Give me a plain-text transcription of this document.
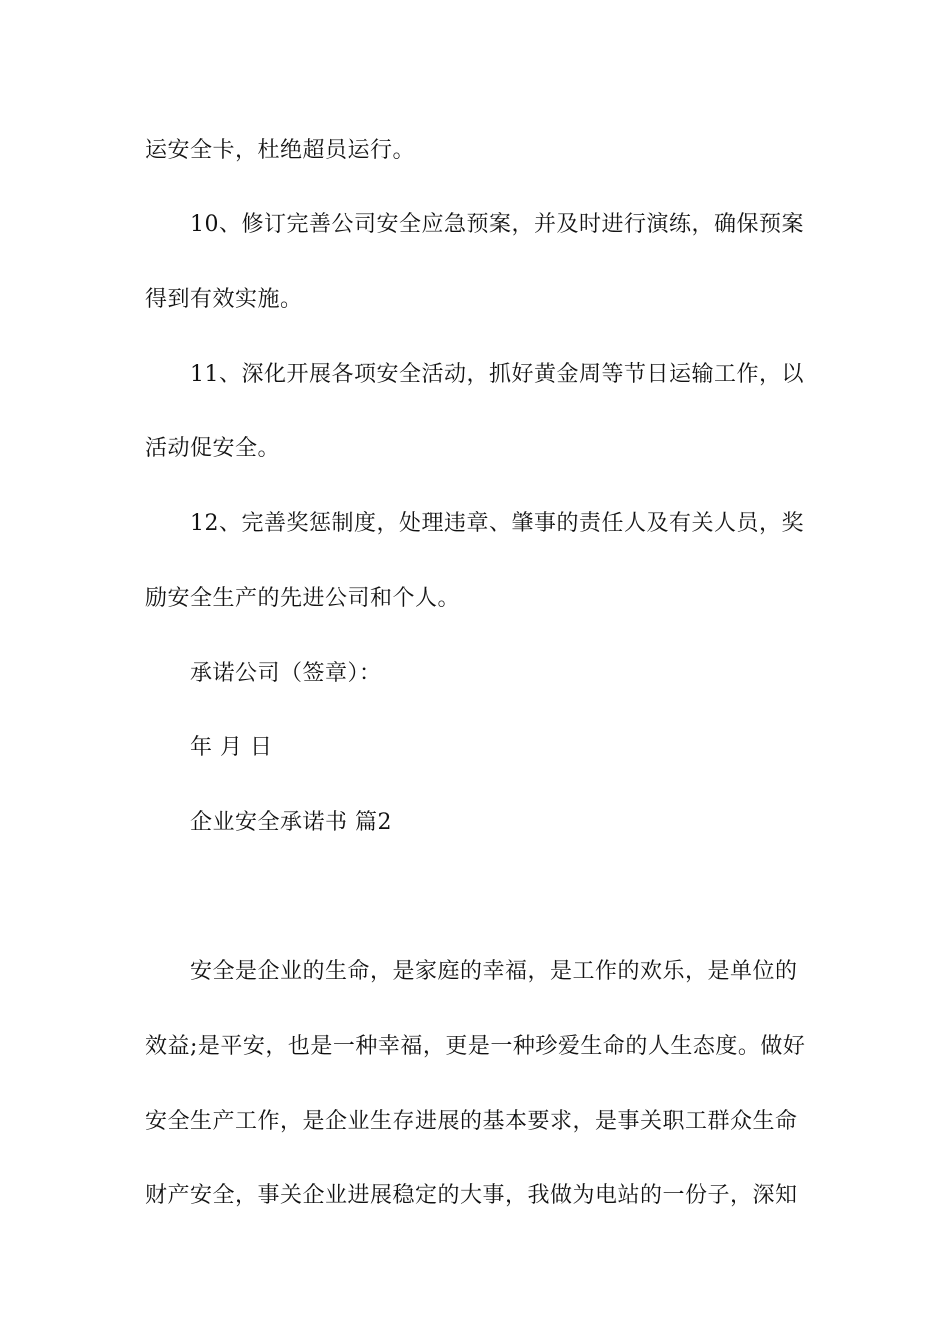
运安全卡，杜绝超员运行。
10、修订完善公司安全应急预案，并及时进行演练，确保预案
得到有效实施。
11、深化开展各项安全活动，抓好黄金周等节日运输工作，以
活动促安全。
12、完善奖惩制度，处理违章、肇事的责任人及有关人员，奖
励安全生产的先进公司和个人。
承诺公司（签章）：
年 月 日
企业安全承诺书 篇2
安全是企业的生命，是家庭的幸福，是工作的欢乐，是单位的
效益;是平安，也是一种幸福，更是一种珍爱生命的人生态度。做好
安全生产工作，是企业生存进展的基本要求，是事关职工群众生命
财产安全，事关企业进展稳定的大事，我做为电站的一份子，深知
